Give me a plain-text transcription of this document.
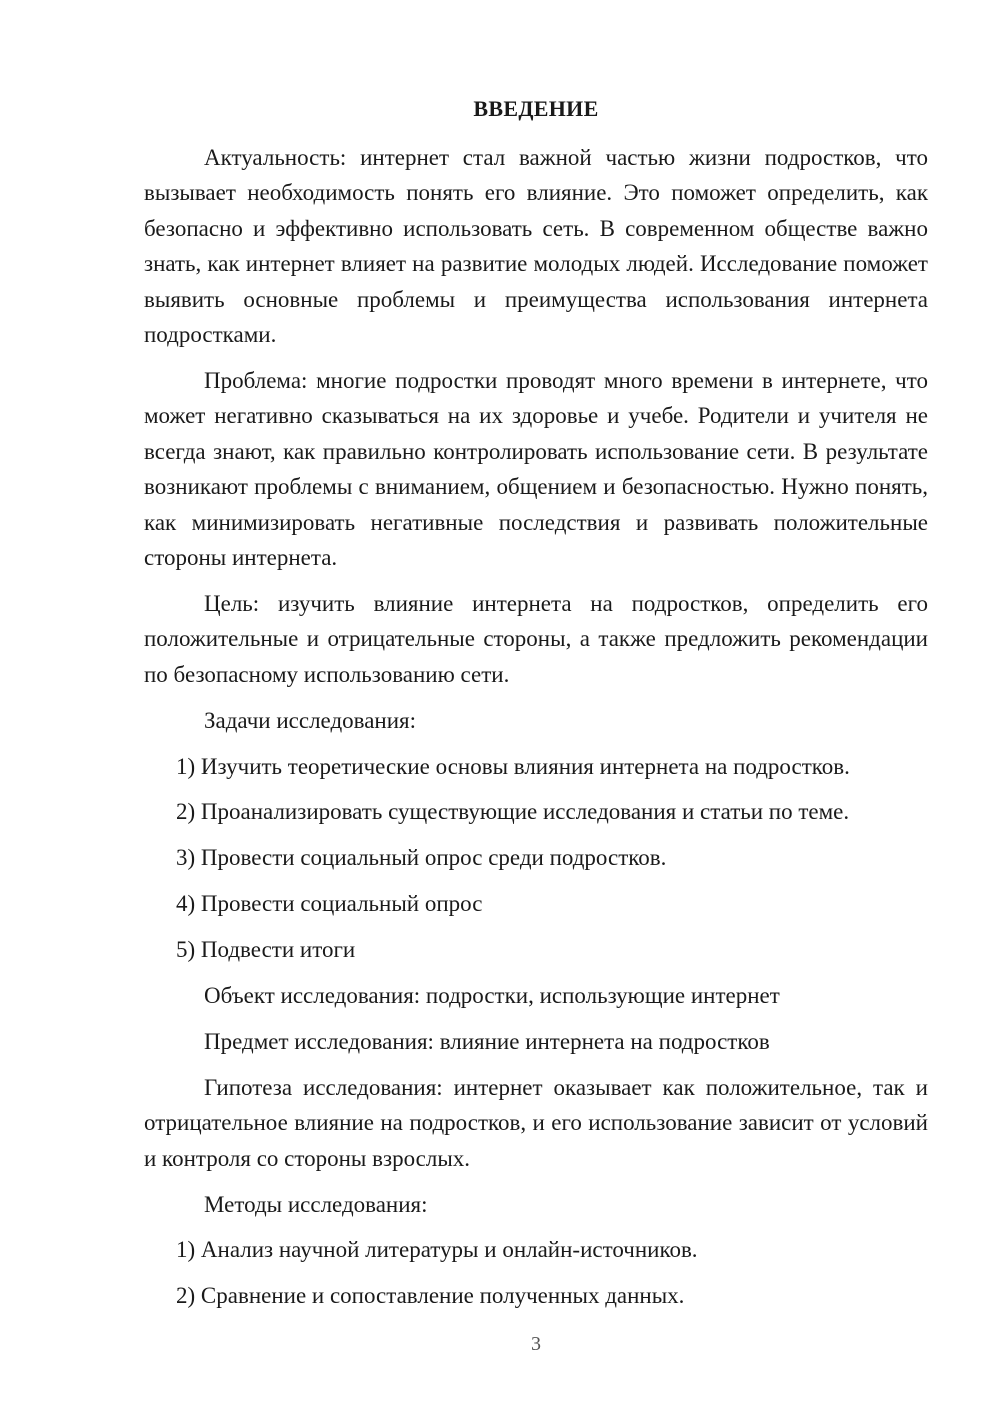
ВВЕДЕНИЕ

Актуальность: интернет стал важной частью жизни подростков, что вызывает необходимость понять его влияние. Это поможет определить, как безопасно и эффективно использовать сеть. В современном обществе важно знать, как интернет влияет на развитие молодых людей. Исследование поможет выявить основные проблемы и преимущества использования интернета подростками.

Проблема: многие подростки проводят много времени в интернете, что может негативно сказываться на их здоровье и учебе. Родители и учителя не всегда знают, как правильно контролировать использование сети. В результате возникают проблемы с вниманием, общением и безопасностью. Нужно понять, как минимизировать негативные последствия и развивать положительные стороны интернета.

Цель: изучить влияние интернета на подростков, определить его положительные и отрицательные стороны, а также предложить рекомендации по безопасному использованию сети.

Задачи исследования:

1) Изучить теоретические основы влияния интернета на подростков.

2) Проанализировать существующие исследования и статьи по теме.

3) Провести социальный опрос среди подростков.

4) Провести социальный опрос

5) Подвести итоги

Объект исследования: подростки, использующие интернет

Предмет исследования: влияние интернета на подростков

Гипотеза исследования: интернет оказывает как положительное, так и отрицательное влияние на подростков, и его использование зависит от условий и контроля со стороны взрослых.

Методы исследования:

1) Анализ научной литературы и онлайн-источников.

2) Сравнение и сопоставление полученных данных.

3
